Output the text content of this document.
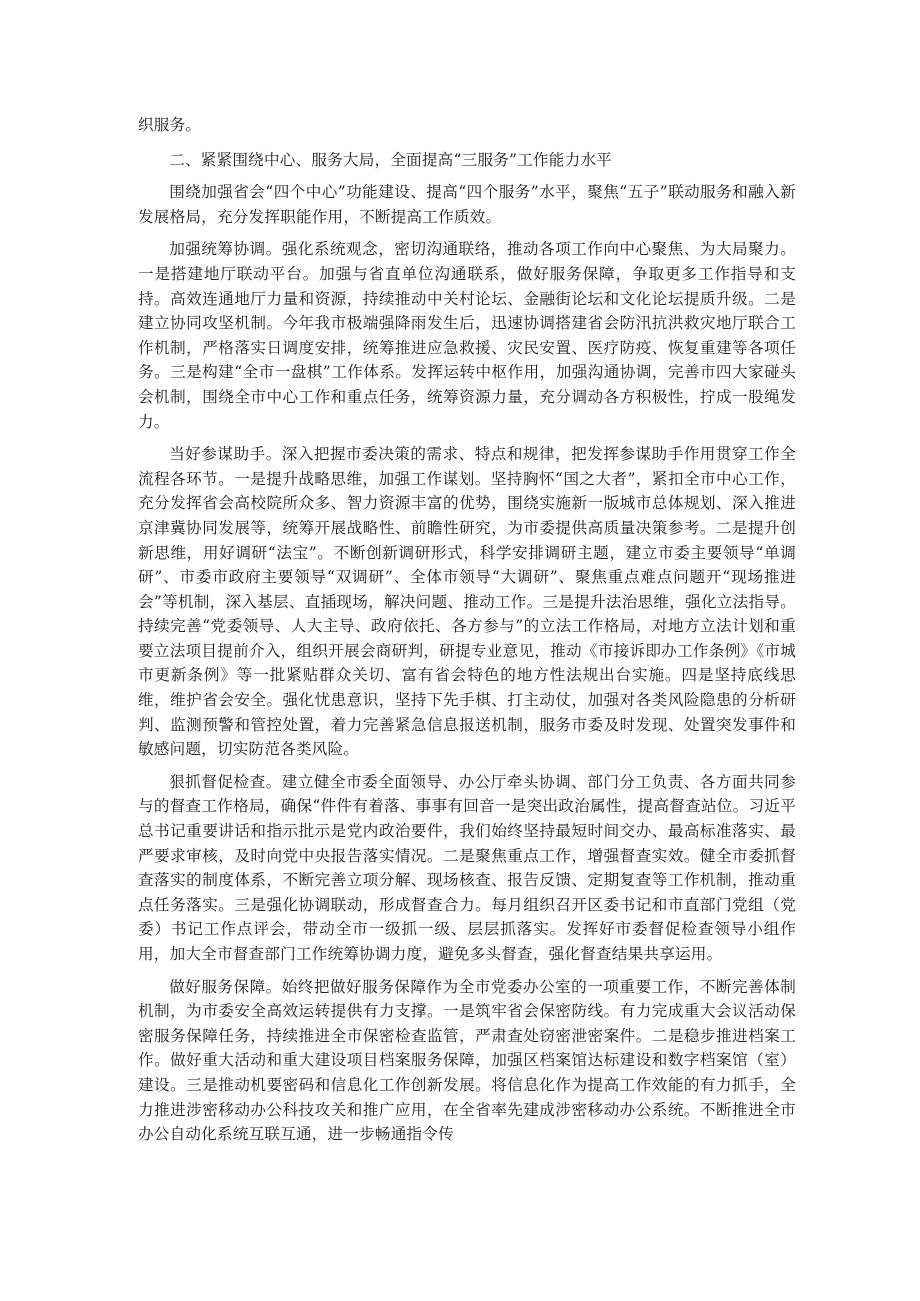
织服务。

二、紧紧围绕中心、服务大局，全面提高“三服务”工作能力水平

围绕加强省会“四个中心”功能建设、提高“四个服务”水平，聚焦“五子”联动服务和融入新发展格局，充分发挥职能作用，不断提高工作质效。

加强统筹协调。强化系统观念，密切沟通联络，推动各项工作向中心聚焦、为大局聚力。一是搭建地厅联动平台。加强与省直单位沟通联系，做好服务保障，争取更多工作指导和支持。高效连通地厅力量和资源，持续推动中关村论坛、金融街论坛和文化论坛提质升级。二是建立协同攻坚机制。今年我市极端强降雨发生后，迅速协调搭建省会防汛抗洪救灾地厅联合工作机制，严格落实日调度安排，统筹推进应急救援、灾民安置、医疗防疫、恢复重建等各项任务。三是构建“全市一盘棋”工作体系。发挥运转中枢作用，加强沟通协调，完善市四大家碰头会机制，围绕全市中心工作和重点任务，统筹资源力量，充分调动各方积极性，拧成一股绳发力。

当好参谋助手。深入把握市委决策的需求、特点和规律，把发挥参谋助手作用贯穿工作全流程各环节。一是提升战略思维，加强工作谋划。坚持胸怀“国之大者”，紧扣全市中心工作，充分发挥省会高校院所众多、智力资源丰富的优势，围绕实施新一版城市总体规划、深入推进京津冀协同发展等，统筹开展战略性、前瞻性研究，为市委提供高质量决策参考。二是提升创新思维，用好调研“法宝”。不断创新调研形式，科学安排调研主题，建立市委主要领导“单调研”、市委市政府主要领导“双调研”、全体市领导“大调研”、聚焦重点难点问题开“现场推进会”等机制，深入基层、直插现场，解决问题、推动工作。三是提升法治思维，强化立法指导。持续完善“党委领导、人大主导、政府依托、各方参与”的立法工作格局，对地方立法计划和重要立法项目提前介入，组织开展会商研判，研提专业意见，推动《市接诉即办工作条例》《市城市更新条例》等一批紧贴群众关切、富有省会特色的地方性法规出台实施。四是坚持底线思维，维护省会安全。强化忧患意识，坚持下先手棋、打主动仗，加强对各类风险隐患的分析研判、监测预警和管控处置，着力完善紧急信息报送机制，服务市委及时发现、处置突发事件和敏感问题，切实防范各类风险。

狠抓督促检查。建立健全市委全面领导、办公厅牵头协调、部门分工负责、各方面共同参与的督查工作格局，确保“件件有着落、事事有回音一是突出政治属性，提高督查站位。习近平总书记重要讲话和指示批示是党内政治要件，我们始终坚持最短时间交办、最高标准落实、最严要求审核，及时向党中央报告落实情况。二是聚焦重点工作，增强督查实效。健全市委抓督查落实的制度体系，不断完善立项分解、现场核查、报告反馈、定期复查等工作机制，推动重点任务落实。三是强化协调联动，形成督查合力。每月组织召开区委书记和市直部门党组（党委）书记工作点评会，带动全市一级抓一级、层层抓落实。发挥好市委督促检查领导小组作用，加大全市督查部门工作统筹协调力度，避免多头督查，强化督查结果共享运用。

做好服务保障。始终把做好服务保障作为全市党委办公室的一项重要工作，不断完善体制机制，为市委安全高效运转提供有力支撑。一是筑牢省会保密防线。有力完成重大会议活动保密服务保障任务，持续推进全市保密检查监管，严肃查处窃密泄密案件。二是稳步推进档案工作。做好重大活动和重大建设项目档案服务保障，加强区档案馆达标建设和数字档案馆（室）建设。三是推动机要密码和信息化工作创新发展。将信息化作为提高工作效能的有力抓手，全力推进涉密移动办公科技攻关和推广应用，在全省率先建成涉密移动办公系统。不断推进全市办公自动化系统互联互通，进一步畅通指令传
